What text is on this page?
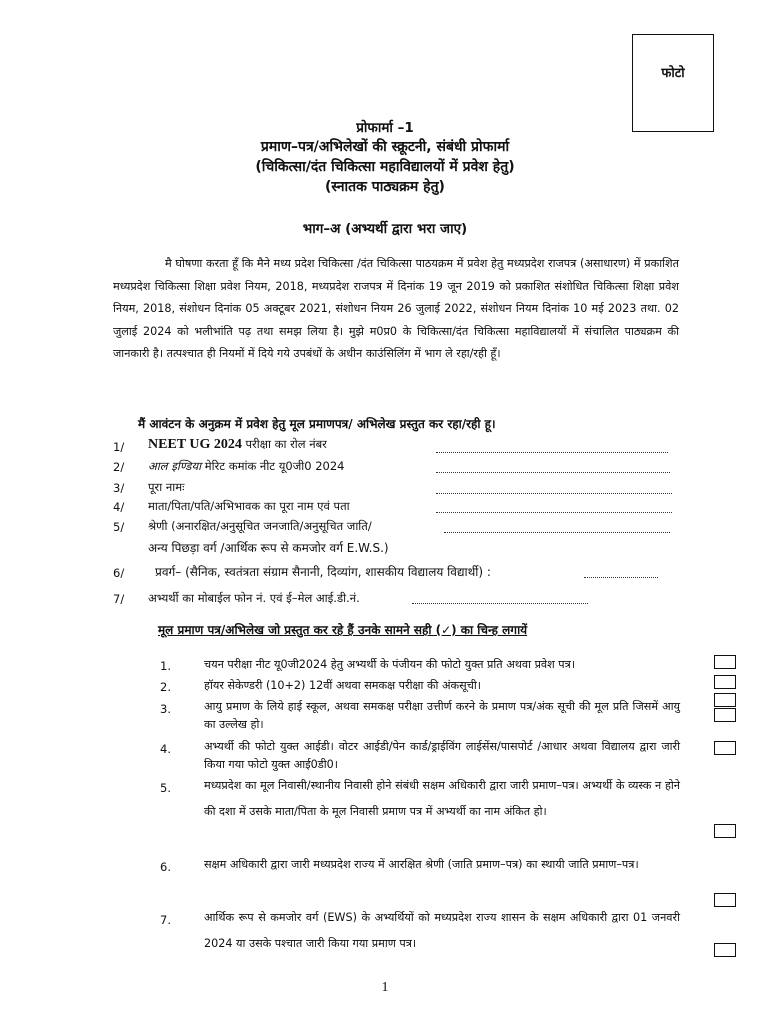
फोटो
प्रोफार्मा –1
प्रमाण–पत्र/अभिलेखों की स्क्रूटनी, संबंधी प्रोफार्मा
(चिकित्सा/दंत चिकित्सा महाविद्यालयों में प्रवेश हेतु)
(स्नातक पाठ्यक्रम हेतु)
भाग–अ (अभ्यर्थी द्वारा भरा जाए)
मै घोषणा करता हूँ कि मैने मध्य प्रदेश चिकित्सा /दंत चिकित्सा पाठयक्रम में प्रवेश हेतु मध्यप्रदेश राजपत्र (असाधारण) में प्रकाशित मध्यप्रदेश चिकित्सा शिक्षा प्रवेश नियम, 2018, मध्यप्रदेश राजपत्र में दिनांक 19 जून 2019 को प्रकाशित संशोधित चिकित्सा शिक्षा प्रवेश नियम, 2018, संशोधन दिनांक 05 अक्टूबर 2021, संशोधन नियम 26 जुलाई 2022, संशोधन नियम दिनांक 10 मई 2023 तथा. 02 जुलाई 2024 को भलीभांति पढ़ तथा समझ लिया है। मुझे म0प्र0 के चिकित्सा/दंत चिकित्सा महाविद्यालयों में संचालित पाठ्यक्रम की जानकारी है। तत्पश्चात ही नियमों में दिये गये उपबंधों के अधीन काउंसिलिंग में भाग ले रहा/रही हूँ।
मैं आवंटन के अनुक्रम में प्रवेश हेतु मूल प्रमाणपत्र/ अभिलेख प्रस्तुत कर रहा/रही हू।
1/ NEET UG 2024 परीक्षा का रोल नंबर
2/ आल इण्डिया मेरिट कमांक नीट यू0जी0 2024
3/ पूरा नामः
4/ माता/पिता/पति/अभिभावक का पूरा नाम एवं पता
5/ श्रेणी (अनारक्षित/अनुसूचित जनजाति/अनुसूचित जाति/
अन्य पिछड़ा वर्ग /आर्थिक रूप से कमजोर वर्ग E.W.S.)
6/	प्रवर्ग– (सैनिक, स्वतंत्रता संग्राम सैनानी, दिव्यांग, शासकीय विद्यालय विद्यार्थी) :
7/ अभ्यर्थी का मोबाईल फोन नं. एवं ई–मेल आई.डी.नं.
मूल प्रमाण पत्र/अभिलेख जो प्रस्तुत कर रहे हैं उनके सामने सही (✓) का चिन्ह लगायें
1.	चयन परीक्षा नीट यू0जी2024 हेतु अभ्यर्थी के पंजीयन की फोटो युक्त प्रति अथवा प्रवेश पत्र।
2.	हॉयर सेकेण्डरी (10+2) 12वीं अथवा समकक्ष परीक्षा की अंकसूची।
3.	आयु प्रमाण के लिये हाई स्कूल, अथवा समकक्ष परीक्षा उत्तीर्ण करने के प्रमाण पत्र/अंक सूची की मूल प्रति जिसमें आयु का उल्लेख हो।
4.	अभ्यर्थी की फोटो युक्त आईडी। वोटर आईडी/पेन कार्ड/ड्राईविंग लाईसेंस/पासपोर्ट /आधार अथवा विद्यालय द्वारा जारी किया गया फोटो युक्त आई0डी0।
5.	मध्यप्रदेश का मूल निवासी/स्थानीय निवासी होने संबंधी सक्षम अधिकारी द्वारा जारी प्रमाण–पत्र। अभ्यर्थी के व्यस्क न होने की दशा में उसके माता/पिता के मूल निवासी प्रमाण पत्र में अभ्यर्थी का नाम अंकित हो।
6.	सक्षम अधिकारी द्वारा जारी मध्यप्रदेश राज्य में आरक्षित श्रेणी (जाति प्रमाण–पत्र) का स्थायी जाति प्रमाण–पत्र।
7.	आर्थिक रूप से कमजोर वर्ग (EWS) के अभ्यर्थियों को मध्यप्रदेश राज्य शासन के सक्षम अधिकारी द्वारा 01 जनवरी 2024 या उसके पश्चात जारी किया गया प्रमाण पत्र।
1
